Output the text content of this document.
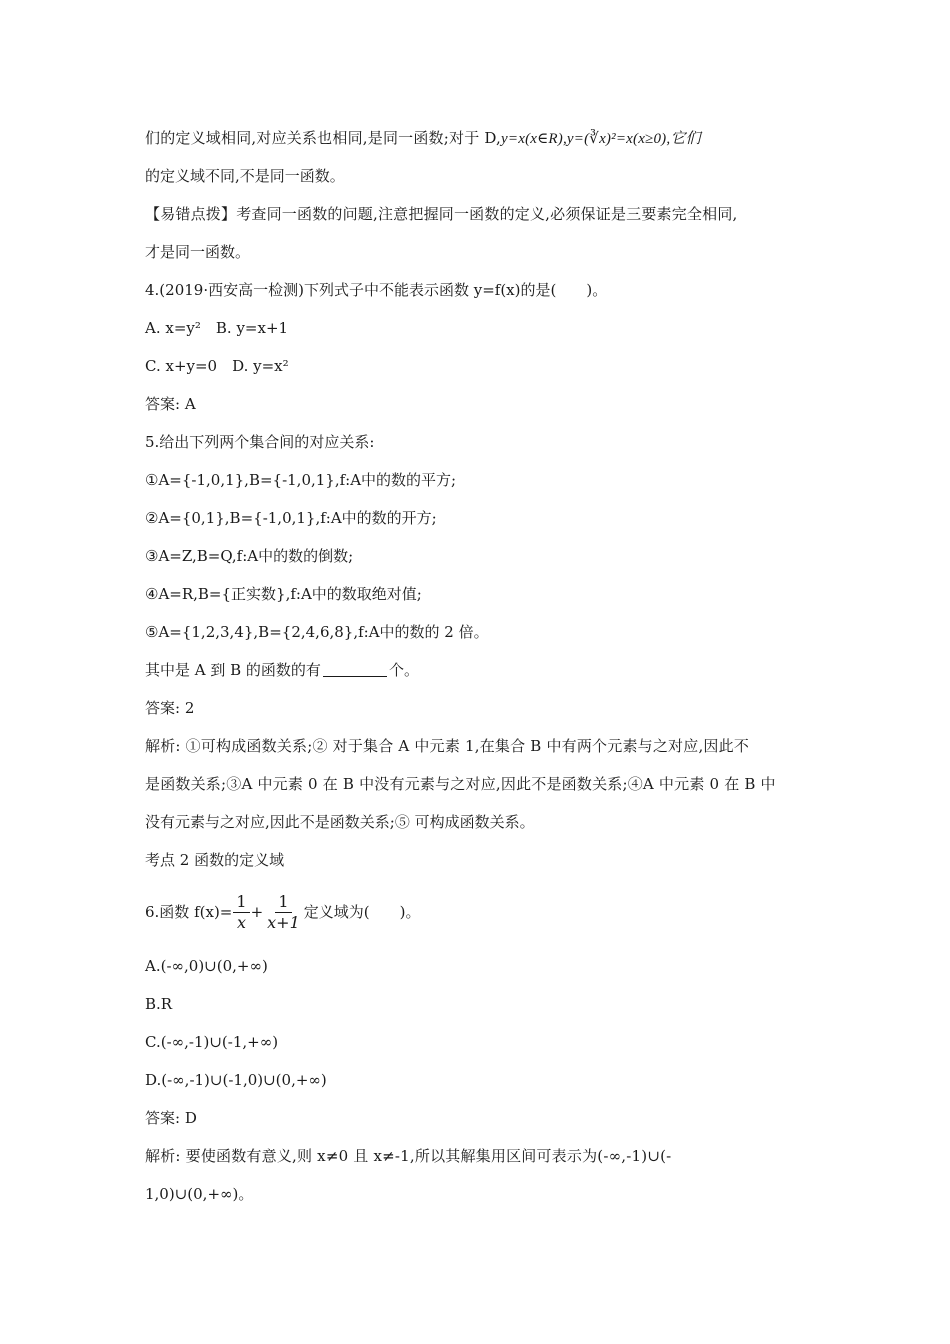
们的定义域相同,对应关系也相同,是同一函数;对于 D,y=x(x∈R),y=(∛x)²=x(x≥0),它们
的定义域不同,不是同一函数。
【易错点拨】考查同一函数的问题,注意把握同一函数的定义,必须保证是三要素完全相同,
才是同一函数。
4.(2019·西安高一检测)下列式子中不能表示函数 y=f(x)的是(　　)。
A. x=y²　B. y=x+1
C. x+y=0　D. y=x²
答案: A
5.给出下列两个集合间的对应关系:
①A={-1,0,1},B={-1,0,1},f:A中的数的平方;
②A={0,1},B={-1,0,1},f:A中的数的开方;
③A=Z,B=Q,f:A中的数的倒数;
④A=R,B={正实数},f:A中的数取绝对值;
⑤A={1,2,3,4},B={2,4,6,8},f:A中的数的 2 倍。
其中是 A 到 B 的函数的有	个。
答案: 2
解析: ①可构成函数关系;② 对于集合 A 中元素 1,在集合 B 中有两个元素与之对应,因此不
是函数关系;③A 中元素 0 在 B 中没有元素与之对应,因此不是函数关系;④A 中元素 0 在 B 中
没有元素与之对应,因此不是函数关系;⑤ 可构成函数关系。
考点 2 函数的定义域
6.函数 $f(x)= \frac{1}{x} + \frac{1}{x+1}$ 定义域为(　　)。
A.(-∞,0)∪(0,+∞)
B.R
C.(-∞,-1)∪(-1,+∞)
D.(-∞,-1)∪(-1,0)∪(0,+∞)
答案: D
解析: 要使函数有意义,则 x≠0 且 x≠-1,所以其解集用区间可表示为(-∞,-1)∪(-
1,0)∪(0,+∞)。
